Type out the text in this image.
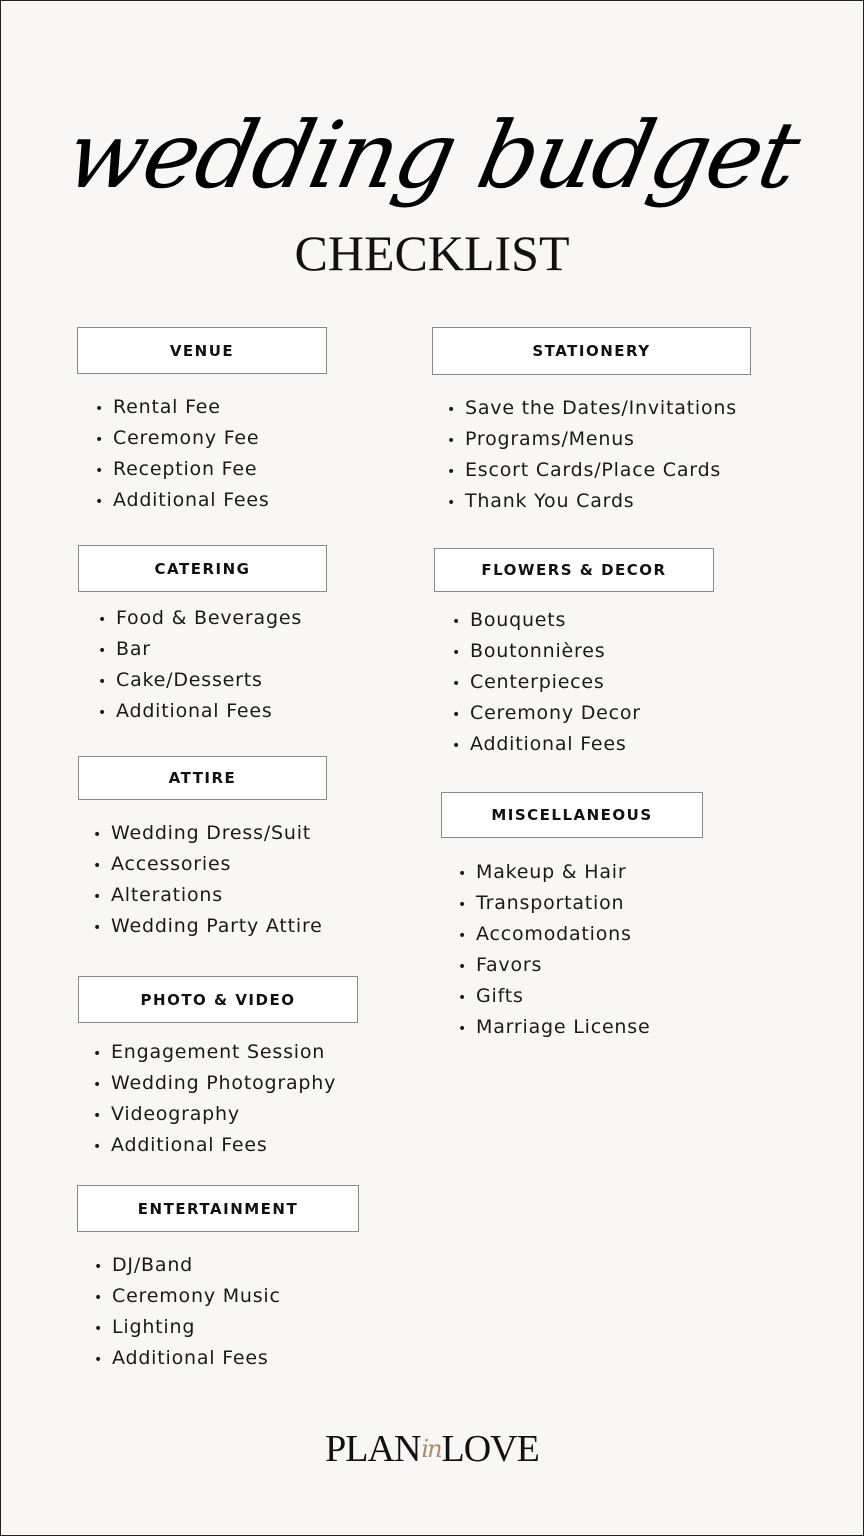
wedding budget
CHECKLIST
VENUE
• Rental Fee
• Ceremony Fee
• Reception Fee
• Additional Fees
STATIONERY
• Save the Dates/Invitations
• Programs/Menus
• Escort Cards/Place Cards
• Thank You Cards
CATERING
• Food & Beverages
• Bar
• Cake/Desserts
• Additional Fees
FLOWERS & DECOR
• Bouquets
• Boutonnières
• Centerpieces
• Ceremony Decor
• Additional Fees
ATTIRE
• Wedding Dress/Suit
• Accessories
• Alterations
• Wedding Party Attire
MISCELLANEOUS
• Makeup & Hair
• Transportation
• Accomodations
• Favors
• Gifts
• Marriage License
PHOTO & VIDEO
• Engagement Session
• Wedding Photography
• Videography
• Additional Fees
ENTERTAINMENT
• DJ/Band
• Ceremony Music
• Lighting
• Additional Fees
PLANinLOVE
